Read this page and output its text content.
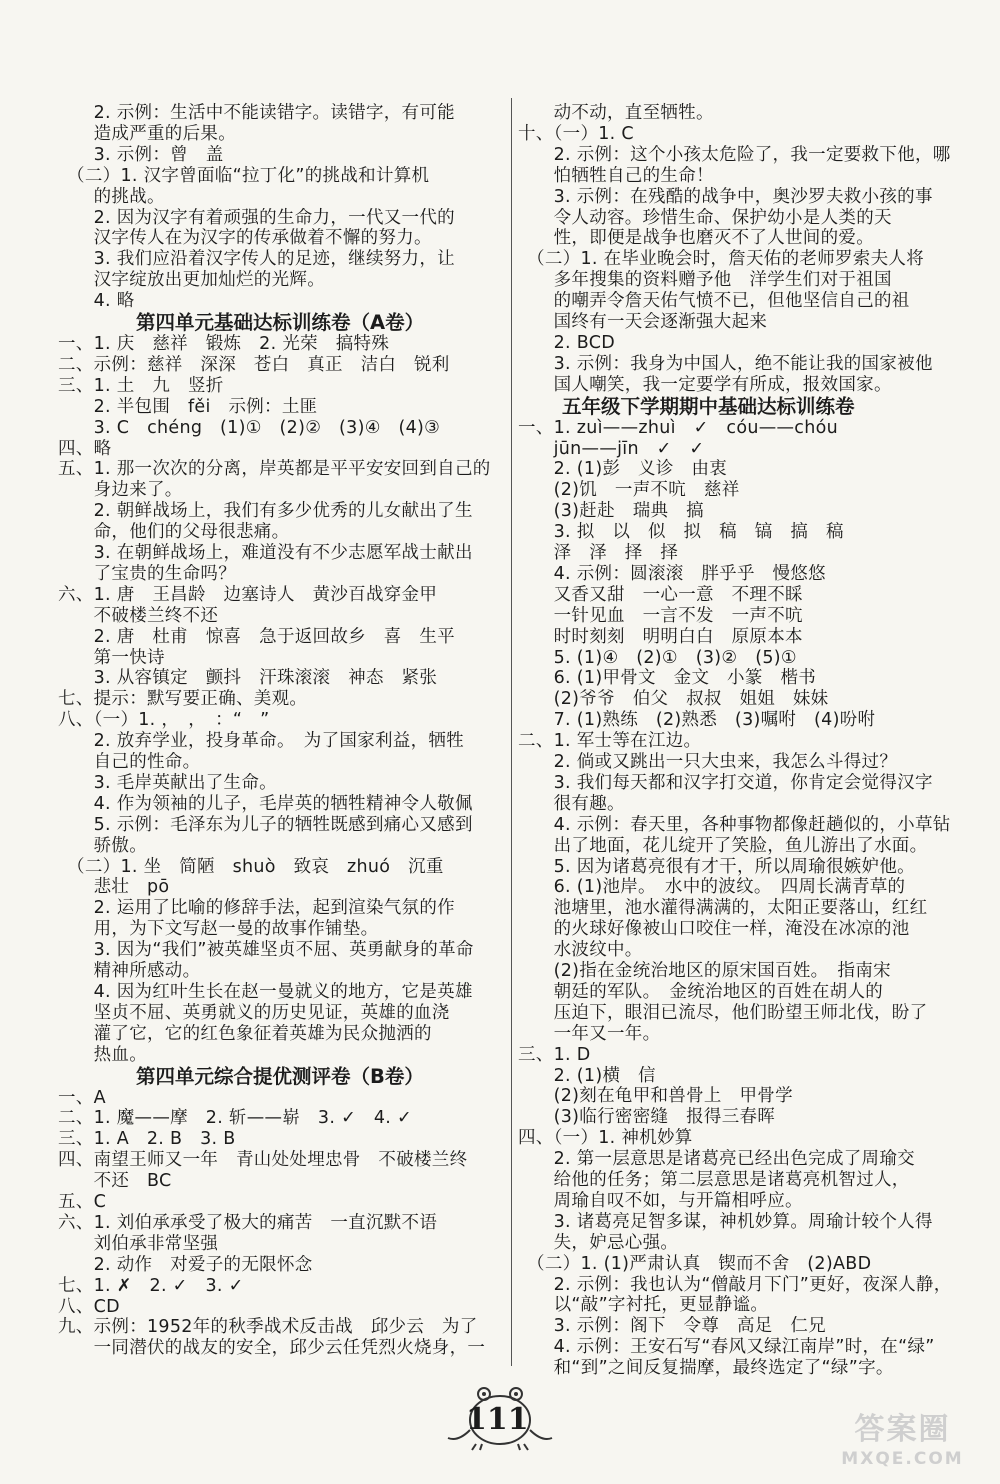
　　2. 示例：生活中不能读错字。读错字，有可能
　　造成严重的后果。
　　3. 示例：曾　盖
　（二）1. 汉字曾面临“拉丁化”的挑战和计算机
　　的挑战。
　　2. 因为汉字有着顽强的生命力，一代又一代的
　　汉字传人在为汉字的传承做着不懈的努力。
　　3. 我们应沿着汉字传人的足迹，继续努力，让
　　汉字绽放出更加灿烂的光辉。
　　4. 略
第四单元基础达标训练卷（A卷）
一、1. 庆　慈祥　锻炼　2. 光荣　搞特殊
二、示例：慈祥　深深　苍白　真正　洁白　锐利
三、1. 土　九　竖折
　　2. 半包围　fěi　示例：土匪
　　3. C　chéng　(1)①　(2)②　(3)④　(4)③
四、略
五、1. 那一次次的分离，岸英都是平平安安回到自己的
　　身边来了。
　　2. 朝鲜战场上，我们有多少优秀的儿女献出了生
　　命，他们的父母很悲痛。
　　3. 在朝鲜战场上，难道没有不少志愿军战士献出
　　了宝贵的生命吗？
六、1. 唐　王昌龄　边塞诗人　黄沙百战穿金甲
　　不破楼兰终不还
　　2. 唐　杜甫　惊喜　急于返回故乡　喜　生平
　　第一快诗
　　3. 从容镇定　颤抖　汗珠滚滚　神态　紧张
七、提示：默写要正确、美观。
八、（一）1. ，　，　：“　”
　　2. 放弃学业，投身革命。　为了国家利益，牺牲
　　自己的性命。
　　3. 毛岸英献出了生命。
　　4. 作为领袖的儿子，毛岸英的牺牲精神令人敬佩
　　5. 示例：毛泽东为儿子的牺牲既感到痛心又感到
　　骄傲。
　（二）1. 坐　简陋　shuò　致哀　zhuó　沉重
　　悲壮　pō
　　2. 运用了比喻的修辞手法，起到渲染气氛的作
　　用，为下文写赵一曼的故事作铺垫。
　　3. 因为“我们”被英雄坚贞不屈、英勇献身的革命
　　精神所感动。
　　4. 因为红叶生长在赵一曼就义的地方，它是英雄
　　坚贞不屈、英勇就义的历史见证，英雄的血浇
　　灌了它，它的红色象征着英雄为民众抛洒的
　　热血。
第四单元综合提优测评卷（B卷）
一、A
二、1. 魔——摩　2. 斩——崭　3. ✓　4. ✓
三、1. A　2. B　3. B
四、南望王师又一年　青山处处埋忠骨　不破楼兰终
　　不还　BC
五、C
六、1. 刘伯承承受了极大的痛苦　一直沉默不语
　　刘伯承非常坚强
　　2. 动作　对爱子的无限怀念
七、1. ✗　2. ✓　3. ✓
八、CD
九、示例：1952年的秋季战术反击战　邱少云　为了
　　一同潜伏的战友的安全，邱少云任凭烈火烧身，一
　　动不动，直至牺牲。
十、（一）1. C
　　2. 示例：这个小孩太危险了，我一定要救下他，哪
　　怕牺牲自己的生命！
　　3. 示例：在残酷的战争中，奥沙罗夫救小孩的事
　　令人动容。珍惜生命、保护幼小是人类的天
　　性，即便是战争也磨灭不了人世间的爱。
　（二）1. 在毕业晚会时，詹天佑的老师罗索夫人将
　　多年搜集的资料赠予他　洋学生们对于祖国
　　的嘲弄令詹天佑气愤不已，但他坚信自己的祖
　　国终有一天会逐渐强大起来
　　2. BCD
　　3. 示例：我身为中国人，绝不能让我的国家被他
　　国人嘲笑，我一定要学有所成，报效国家。
五年级下学期期中基础达标训练卷
一、1. zuì——zhuì　✓　cóu——chóu
　　jūn——jīn　✓　✓
　　2. (1)彭　义诊　由衷
　　(2)饥　一声不吭　慈祥
　　(3)赶赴　瑞典　搞
　　3. 拟　以　似　拟　稿　镐　搞　稿
　　泽　泽　择　择
　　4. 示例：圆滚滚　胖乎乎　慢悠悠
　　又香又甜　一心一意　不理不睬
　　一针见血　一言不发　一声不吭
　　时时刻刻　明明白白　原原本本
　　5. (1)④　(2)①　(3)②　(5)①
　　6. (1)甲骨文　金文　小篆　楷书
　　(2)爷爷　伯父　叔叔　姐姐　妹妹
　　7. (1)熟练　(2)熟悉　(3)嘱咐　(4)吩咐
二、1. 军士等在江边。
　　2. 倘或又跳出一只大虫来，我怎么斗得过？
　　3. 我们每天都和汉字打交道，你肯定会觉得汉字
　　很有趣。
　　4. 示例：春天里，各种事物都像赶趟似的，小草钻
　　出了地面，花儿绽开了笑脸，鱼儿游出了水面。
　　5. 因为诸葛亮很有才干，所以周瑜很嫉妒他。
　　6. (1)池岸。　水中的波纹。　四周长满青草的
　　池塘里，池水灌得满满的，太阳正要落山，红红
　　的火球好像被山口咬住一样，淹没在冰凉的池
　　水波纹中。
　　(2)指在金统治地区的原宋国百姓。　指南宋
　　朝廷的军队。　金统治地区的百姓在胡人的
　　压迫下，眼泪已流尽，他们盼望王师北伐，盼了
　　一年又一年。
三、1. D
　　2. (1)横　信
　　(2)刻在龟甲和兽骨上　甲骨学
　　(3)临行密密缝　报得三春晖
四、（一）1. 神机妙算
　　2. 第一层意思是诸葛亮已经出色完成了周瑜交
　　给他的任务；第二层意思是诸葛亮机智过人，
　　周瑜自叹不如，与开篇相呼应。
　　3. 诸葛亮足智多谋，神机妙算。周瑜计较个人得
　　失，妒忌心强。
　（二）1. (1)严肃认真　锲而不舍　(2)ABD
　　2. 示例：我也认为“僧敲月下门”更好，夜深人静，
　　以“敲”字衬托，更显静谧。
　　3. 示例：阁下　令尊　高足　仁兄
　　4. 示例：王安石写“春风又绿江南岸”时，在“绿”
　　和“到”之间反复揣摩，最终选定了“绿”字。
111	答案圈
MXQE.COM
